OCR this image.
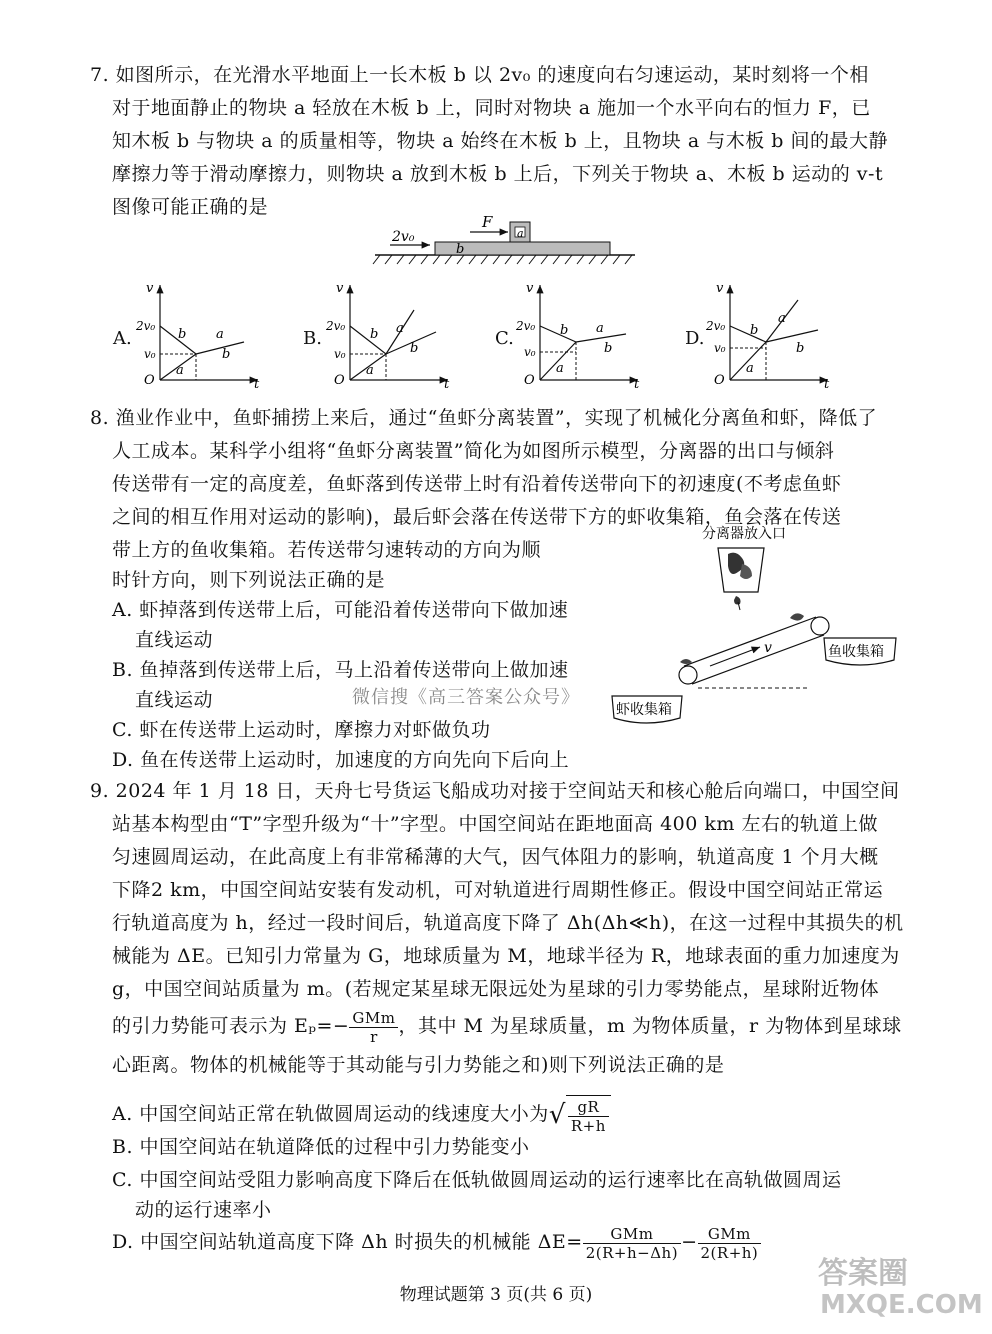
7. 如图所示，在光滑水平地面上一长木板 b 以 2v₀ 的速度向右匀速运动，某时刻将一个相
对于地面静止的物块 a 轻放在木板 b 上，同时对物块 a 施加一个水平向右的恒力 F，已
知木板 b 与物块 a 的质量相等，物块 a 始终在木板 b 上，且物块 a 与木板 b 间的最大静
摩擦力等于滑动摩擦力，则物块 a 放到木板 b 上后，下列关于物块 a、木板 b 运动的 v-t
图像可能正确的是
2v₀
F
a
b
A.	B.	C.	D.
v
t
O
2v₀
v₀
b a
b
a
v
t
O
2v₀
v₀
b a
b
a
v
t
O
2v₀
v₀
b a
b
a
v
t
O
2v₀
v₀
b
a
b
a
8. 渔业作业中，鱼虾捕捞上来后，通过“鱼虾分离装置”，实现了机械化分离鱼和虾，降低了
人工成本。某科学小组将“鱼虾分离装置”简化为如图所示模型，分离器的出口与倾斜
传送带有一定的高度差，鱼虾落到传送带上时有沿着传送带向下的初速度(不考虑鱼虾
之间的相互作用对运动的影响)，最后虾会落在传送带下方的虾收集箱，鱼会落在传送
带上方的鱼收集箱。若传送带匀速转动的方向为顺
时针方向，则下列说法正确的是
A. 虾掉落到传送带上后，可能沿着传送带向下做加速
直线运动
B. 鱼掉落到传送带上后，马上沿着传送带向上做加速
直线运动
C. 虾在传送带上运动时，摩擦力对虾做负功
D. 鱼在传送带上运动时，加速度的方向先向下后向上
分离器放入口
v	鱼收集箱
虾收集箱
微信搜《高三答案公众号》
9. 2024 年 1 月 18 日，天舟七号货运飞船成功对接于空间站天和核心舱后向端口，中国空间
站基本构型由“T”字型升级为“十”字型。中国空间站在距地面高 400 km 左右的轨道上做
匀速圆周运动，在此高度上有非常稀薄的大气，因气体阻力的影响，轨道高度 1 个月大概
下降2 km，中国空间站安装有发动机，可对轨道进行周期性修正。假设中国空间站正常运
行轨道高度为 h，经过一段时间后，轨道高度下降了 Δh(Δh≪h)，在这一过程中其损失的机
械能为 ΔE。已知引力常量为 G，地球质量为 M，地球半径为 R，地球表面的重力加速度为
g，中国空间站质量为 m。(若规定某星球无限远处为星球的引力零势能点，星球附近物体
的引力势能可表示为 $E_p=- \frac{\text{GMm}}{r}$ ，其中 M 为星球质量，m 为物体质量，r 为物体到星球球
心距离。物体的机械能等于其动能与引力势能之和)则下列说法正确的是
A. 中国空间站正常在轨做圆周运动的线速度大小为√ $\frac{gR}{R+h}$
B. 中国空间站在轨道降低的过程中引力势能变小
C. 中国空间站受阻力影响高度下降后在低轨做圆周运动的运行速率比在高轨做圆周运
动的运行速率小
D. 中国空间站轨道高度下降 Δh 时损失的机械能 $\Delta E= \frac{\text{GMm}}{2(R+h-\Delta h)} - \frac{\text{GMm}}{2(R+h)}$
物理试题第 3 页(共 6 页)
答案圈
MXQE.COM
